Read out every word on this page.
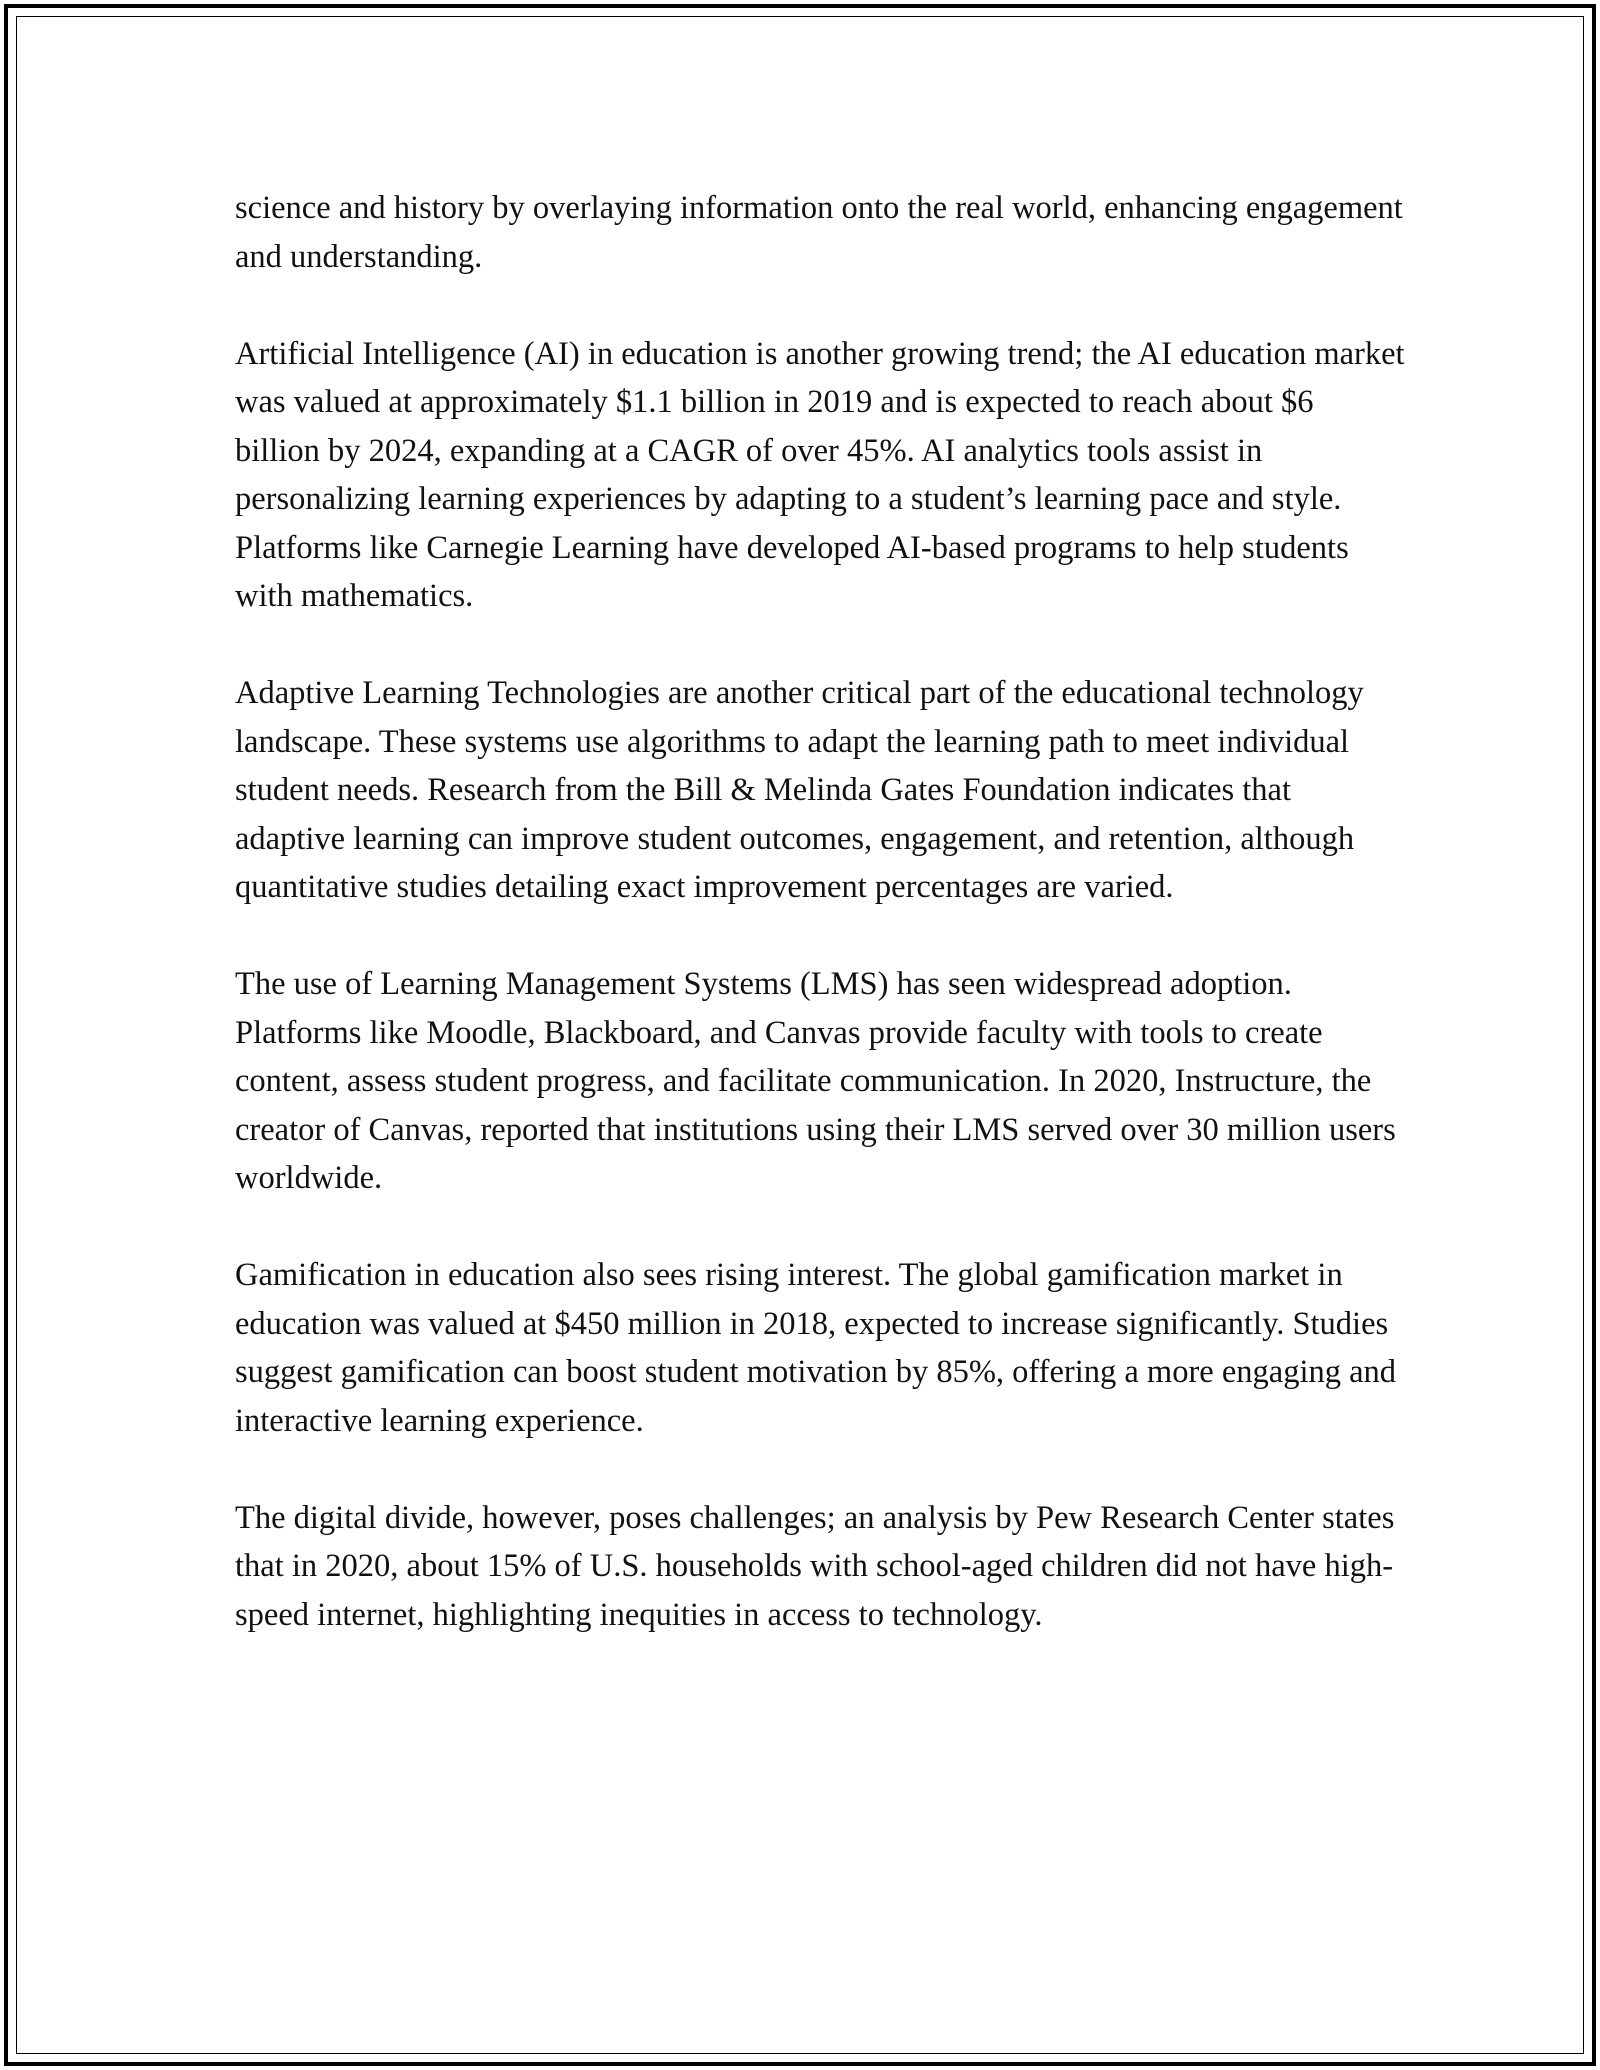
science and history by overlaying information onto the real world, enhancing engagement and understanding.

Artificial Intelligence (AI) in education is another growing trend; the AI education market was valued at approximately $1.1 billion in 2019 and is expected to reach about $6 billion by 2024, expanding at a CAGR of over 45%. AI analytics tools assist in personalizing learning experiences by adapting to a student’s learning pace and style. Platforms like Carnegie Learning have developed AI-based programs to help students with mathematics.

Adaptive Learning Technologies are another critical part of the educational technology landscape. These systems use algorithms to adapt the learning path to meet individual student needs. Research from the Bill & Melinda Gates Foundation indicates that adaptive learning can improve student outcomes, engagement, and retention, although quantitative studies detailing exact improvement percentages are varied.

The use of Learning Management Systems (LMS) has seen widespread adoption. Platforms like Moodle, Blackboard, and Canvas provide faculty with tools to create content, assess student progress, and facilitate communication. In 2020, Instructure, the creator of Canvas, reported that institutions using their LMS served over 30 million users worldwide.

Gamification in education also sees rising interest. The global gamification market in education was valued at $450 million in 2018, expected to increase significantly. Studies suggest gamification can boost student motivation by 85%, offering a more engaging and interactive learning experience.

The digital divide, however, poses challenges; an analysis by Pew Research Center states that in 2020, about 15% of U.S. households with school-aged children did not have high-speed internet, highlighting inequities in access to technology.
